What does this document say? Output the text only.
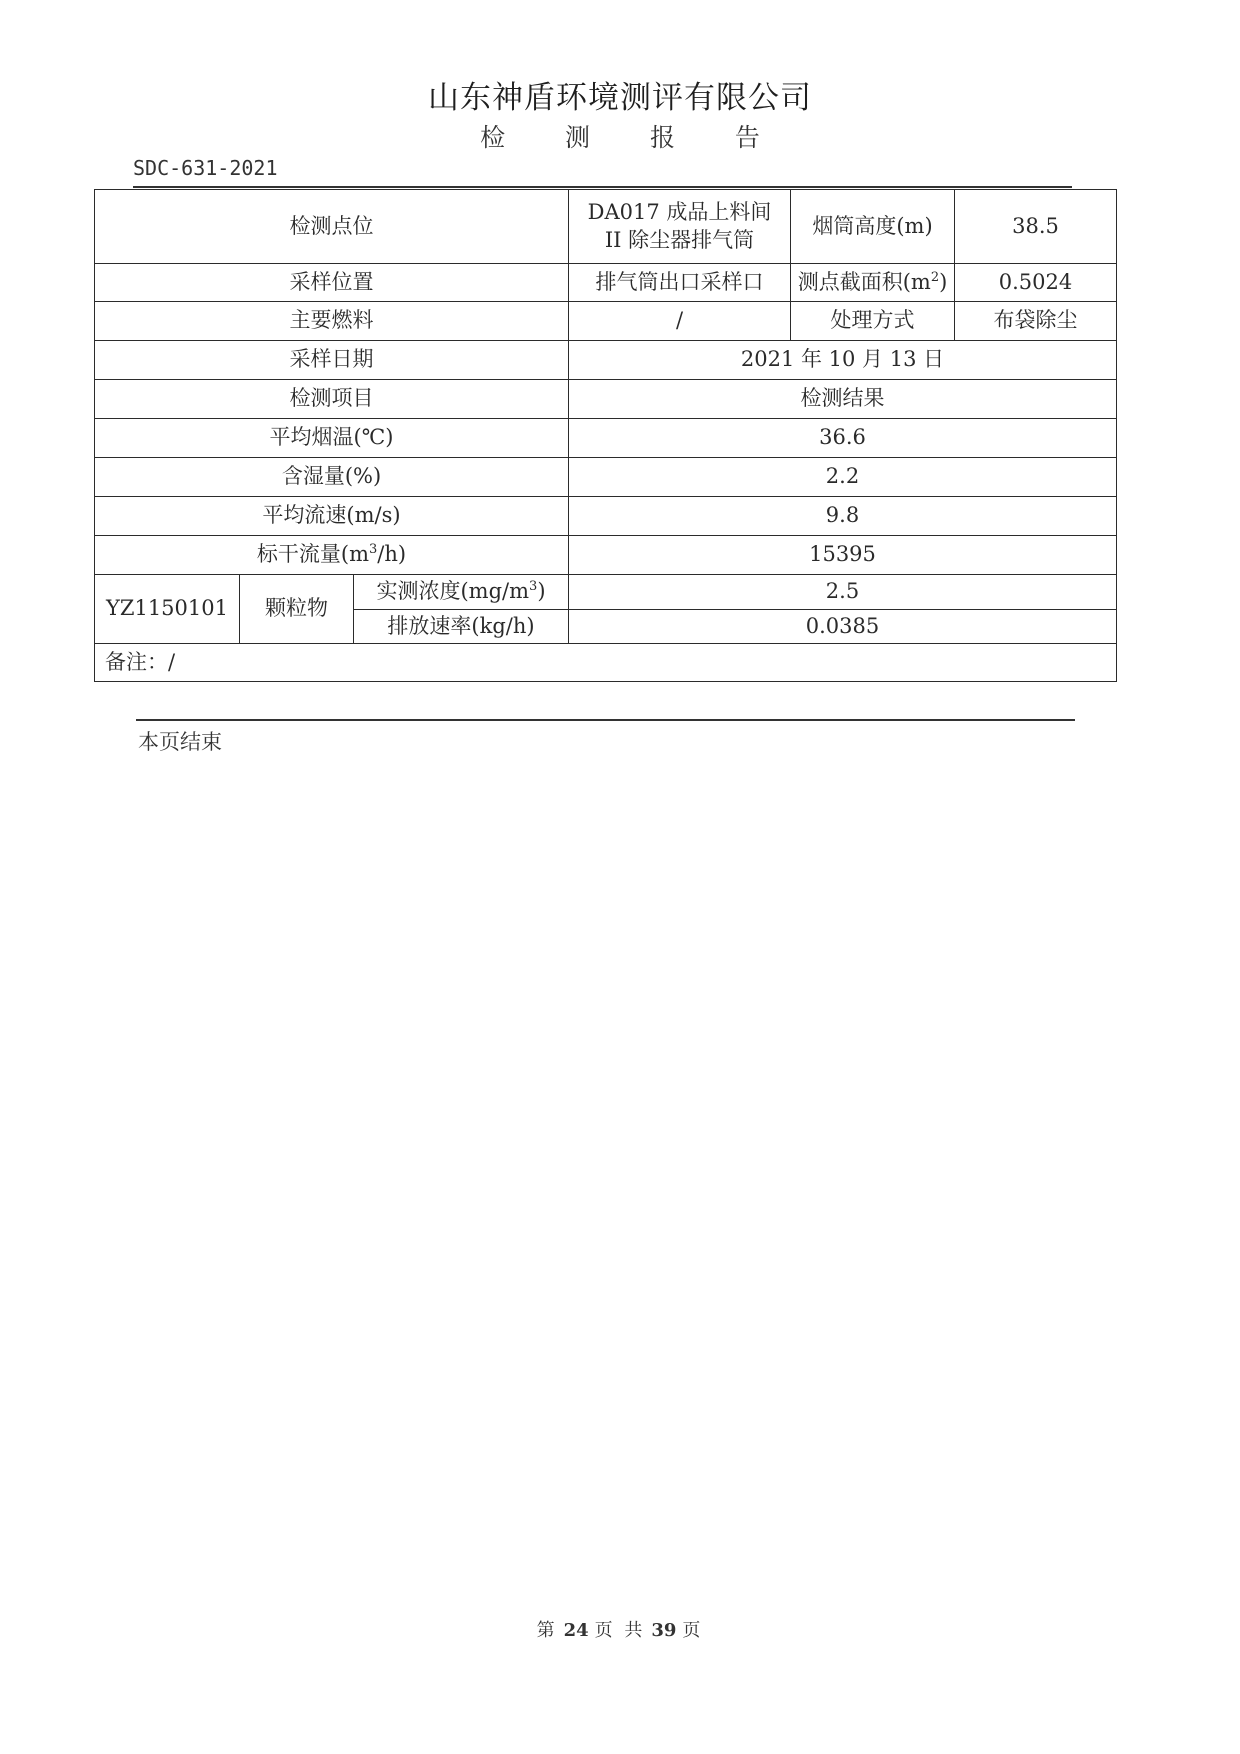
山东神盾环境测评有限公司
检 测 报 告
SDC-631-2021
检测点位			DA017 成品上料间
II 除尘器排气筒	烟筒高度(m)	38.5
采样位置			排气筒出口采样口	测点截面积$(m^2)$	0.5024
主要燃料			/	处理方式	布袋除尘
采样日期			2021 年 10 月 13 日		
检测项目			检测结果		
平均烟温(℃)			36.6		
含湿量(%)			2.2		
平均流速(m/s)			9.8		
标干流量$(m^3/h)$			15395		
YZ1150101	颗粒物	实测浓度$(mg/m^3)$	2.5		
		排放速率(kg/h)	0.0385		
备注：/					
本页结束
第 24 页 共 39 页
